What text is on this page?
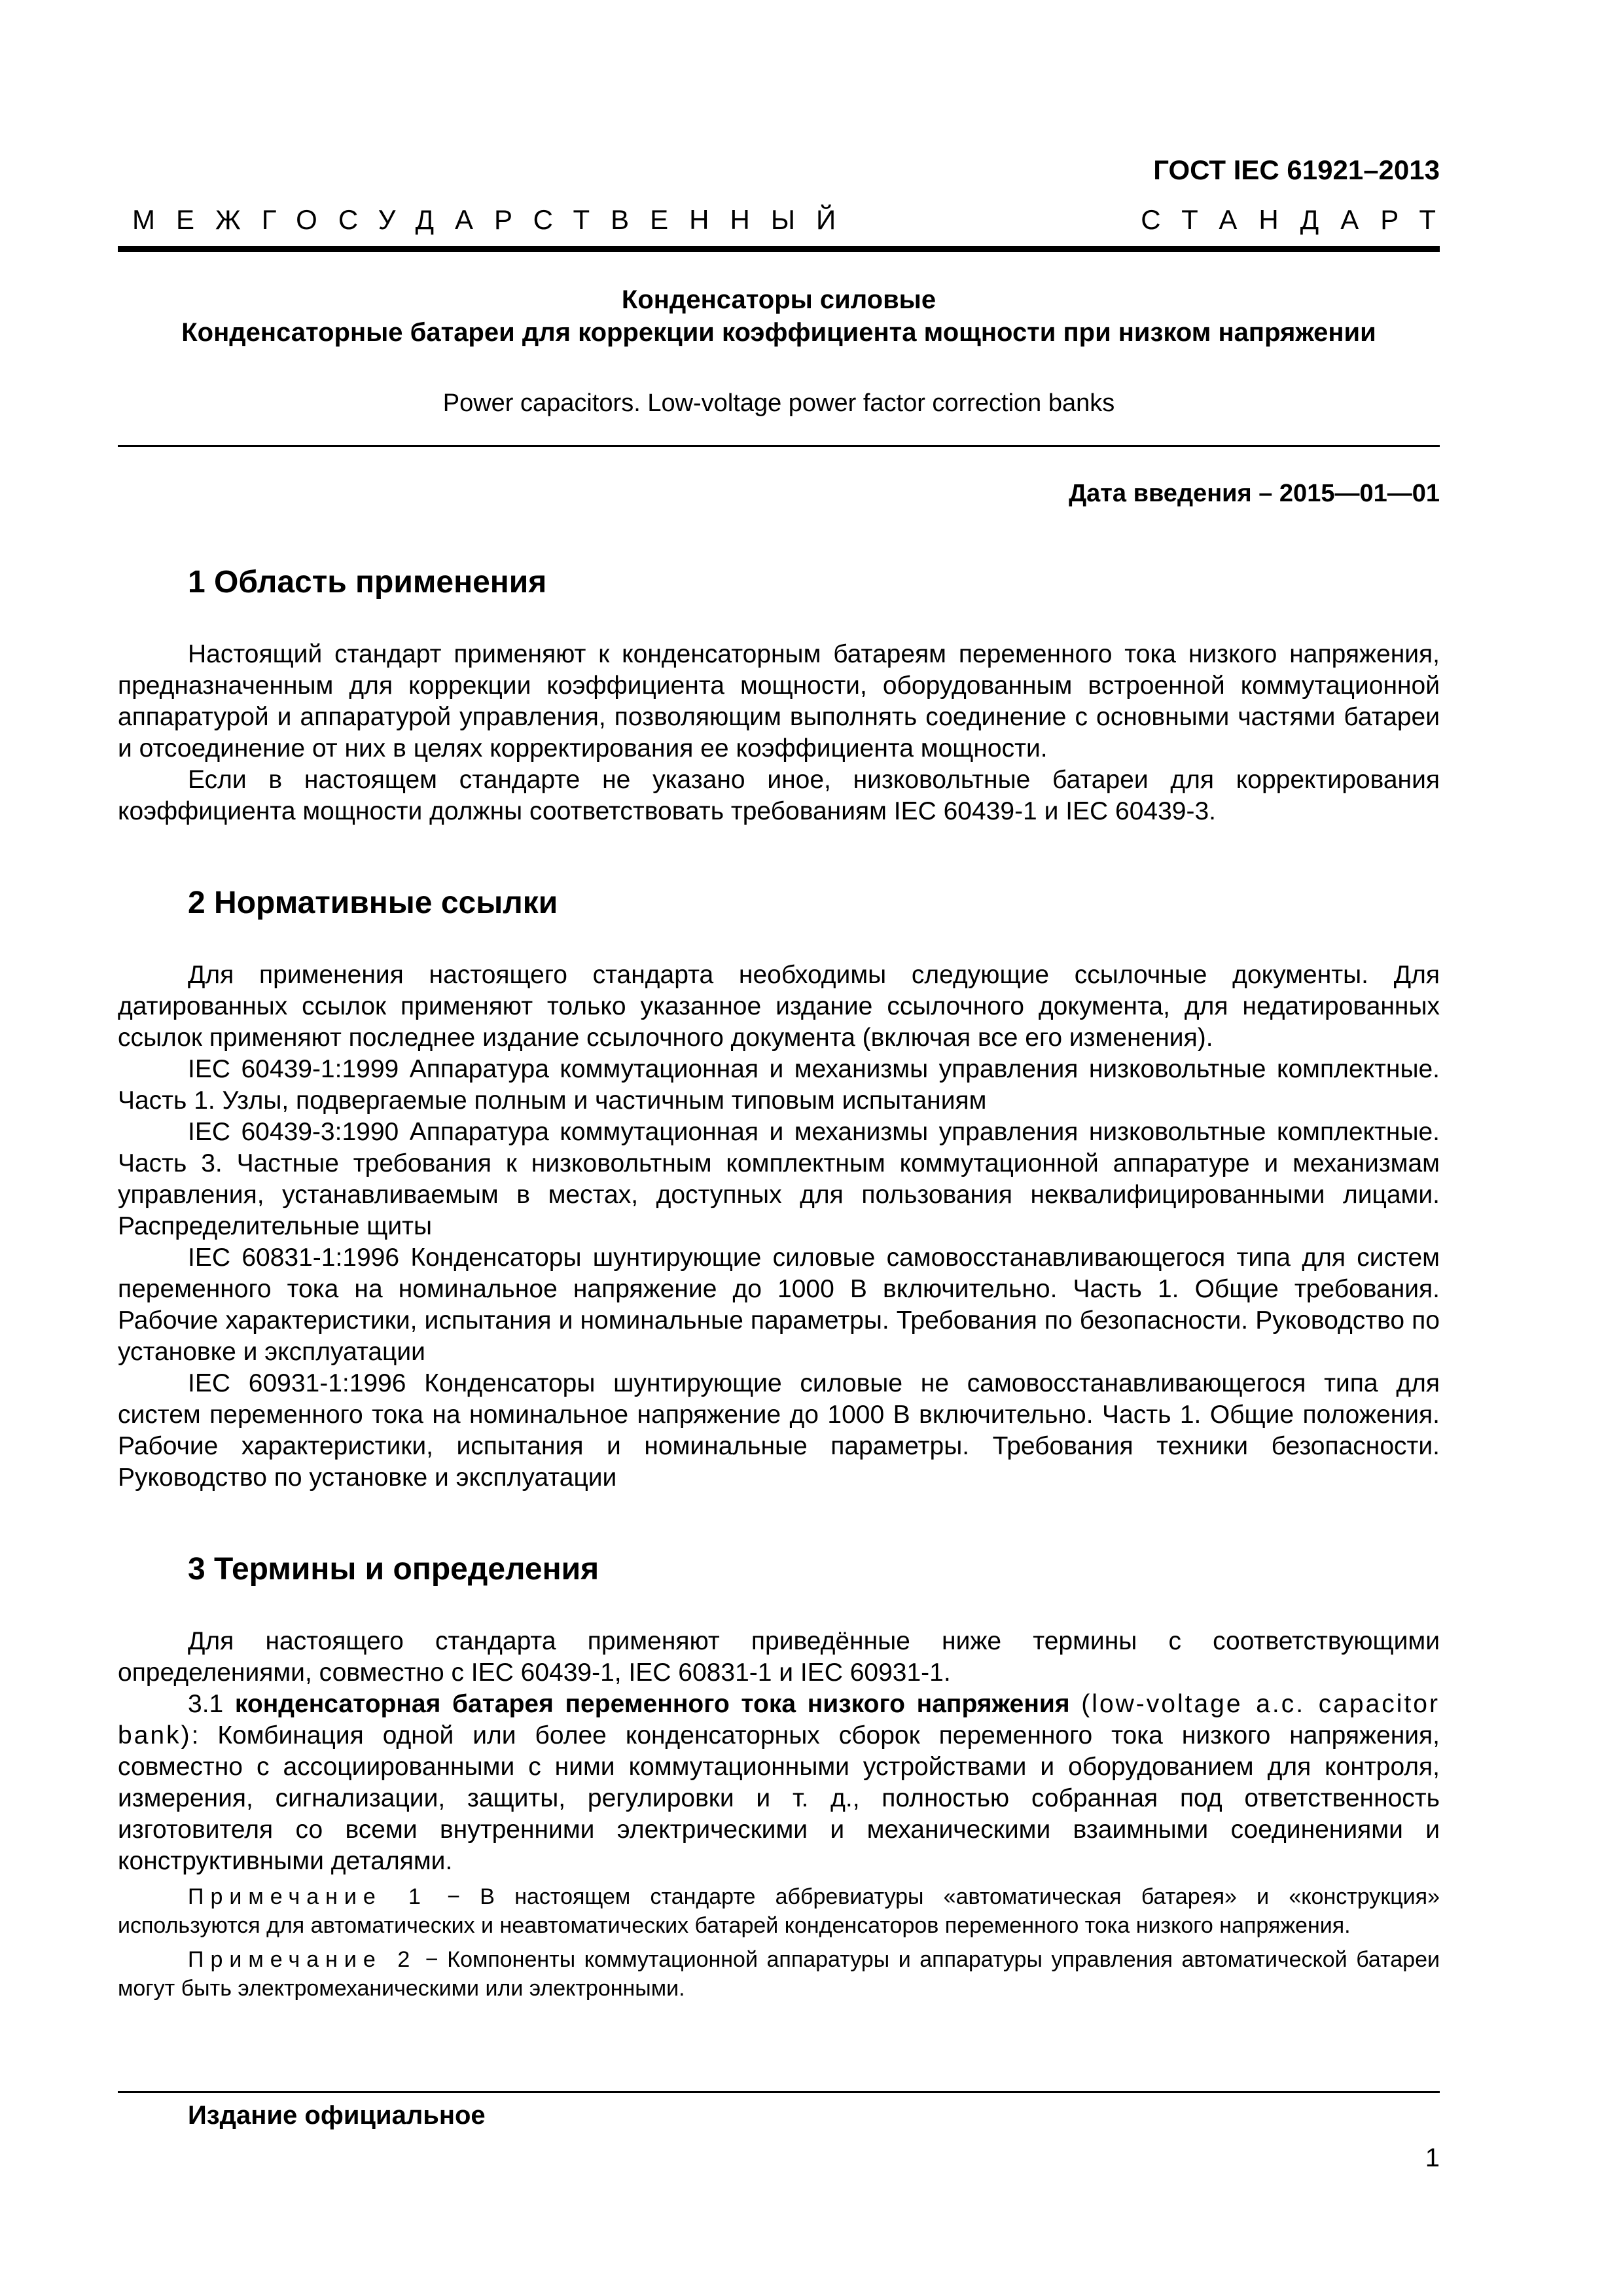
ГОСТ IEC 61921–2013
МЕЖГОСУДАРСТВЕННЫЙ	СТАНДАРТ
Конденсаторы силовые
Конденсаторные батареи для коррекции коэффициента мощности при низком напряжении
Power capacitors. Low-voltage power factor correction banks
Дата введения – 2015—01—01
1 Область применения

Настоящий стандарт применяют к конденсаторным батареям переменного тока низкого напряжения, предназначенным для коррекции коэффициента мощности, оборудованным встроенной коммутационной аппаратурой и аппаратурой управления, позволяющим выполнять соединение с основными частями батареи и отсоединение от них в целях корректирования ее коэффициента мощности.

Если в настоящем стандарте не указано иное, низковольтные батареи для корректирования коэффициента мощности должны соответствовать требованиям IEC 60439-1 и IEC 60439-3.

2 Нормативные ссылки

Для применения настоящего стандарта необходимы следующие ссылочные документы. Для датированных ссылок применяют только указанное издание ссылочного документа, для недатированных ссылок применяют последнее издание ссылочного документа (включая все его изменения).

IEC 60439-1:1999 Аппаратура коммутационная и механизмы управления низковольтные комплектные. Часть 1. Узлы, подвергаемые полным и частичным типовым испытаниям

IEC 60439-3:1990 Аппаратура коммутационная и механизмы управления низковольтные комплектные. Часть 3. Частные требования к низковольтным комплектным коммутационной аппаратуре и механизмам управления, устанавливаемым в местах, доступных для пользования неквалифицированными лицами. Распределительные щиты

IEC 60831-1:1996 Конденсаторы шунтирующие силовые самовосстанавливающегося типа для систем переменного тока на номинальное напряжение до 1000 В включительно. Часть 1. Общие требования. Рабочие характеристики, испытания и номинальные параметры. Требования по безопасности. Руководство по установке и эксплуатации

IEC 60931-1:1996 Конденсаторы шунтирующие силовые не самовосстанавливающегося типа для систем переменного тока на номинальное напряжение до 1000 В включительно. Часть 1. Общие положения. Рабочие характеристики, испытания и номинальные параметры. Требования техники безопасности. Руководство по установке и эксплуатации

3 Термины и определения

Для настоящего стандарта применяют приведённые ниже термины с соответствующими определениями, совместно с IEC 60439-1, IEC 60831-1 и IEC 60931-1.

3.1 конденсаторная батарея переменного тока низкого напряжения (low-voltage a.c. capacitor bank): Комбинация одной или более конденсаторных сборок переменного тока низкого напряжения, совместно с ассоциированными с ними коммутационными устройствами и оборудованием для контроля, измерения, сигнализации, защиты, регулировки и т. д., полностью собранная под ответственность изготовителя со всеми внутренними электрическими и механическими взаимными соединениями и конструктивными деталями.

Примечание 1 − В настоящем стандарте аббревиатуры «автоматическая батарея» и «конструкция» используются для автоматических и неавтоматических батарей конденсаторов переменного тока низкого напряжения.

Примечание 2 − Компоненты коммутационной аппаратуры и аппаратуры управления автоматической батареи могут быть электромеханическими или электронными.

Издание официальное
1
